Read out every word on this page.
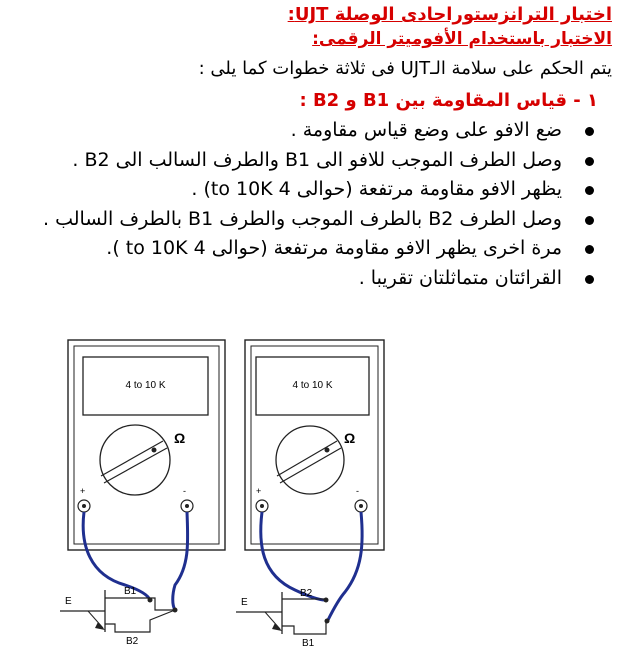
اختبار الترانزستوراحادى الوصلة UJT:
الاختبار باستخدام الأفوميتر الرقمى:
يتم الحكم على سلامة الـUJT فى ثلاثة خطوات كما يلى :
١ - قياس المقاومة بين B1 و B2 :
ضع الافو على وضع قياس مقاومة .
وصل الطرف الموجب للافو الى B1 والطرف السالب الى B2 .
يظهر الافو مقاومة مرتفعة (حوالى 4 to 10K) .
وصل الطرف B2 بالطرف الموجب والطرف B1 بالطرف السالب .
مرة اخرى يظهر الافو مقاومة مرتفعة (حوالى 4 to 10K ).
القرائتان متماثلتان تقريبا .
4 to 10 K
Ω
+	-
E
B1
B2
4 to 10 K
Ω
+	-
E
B2
B1
